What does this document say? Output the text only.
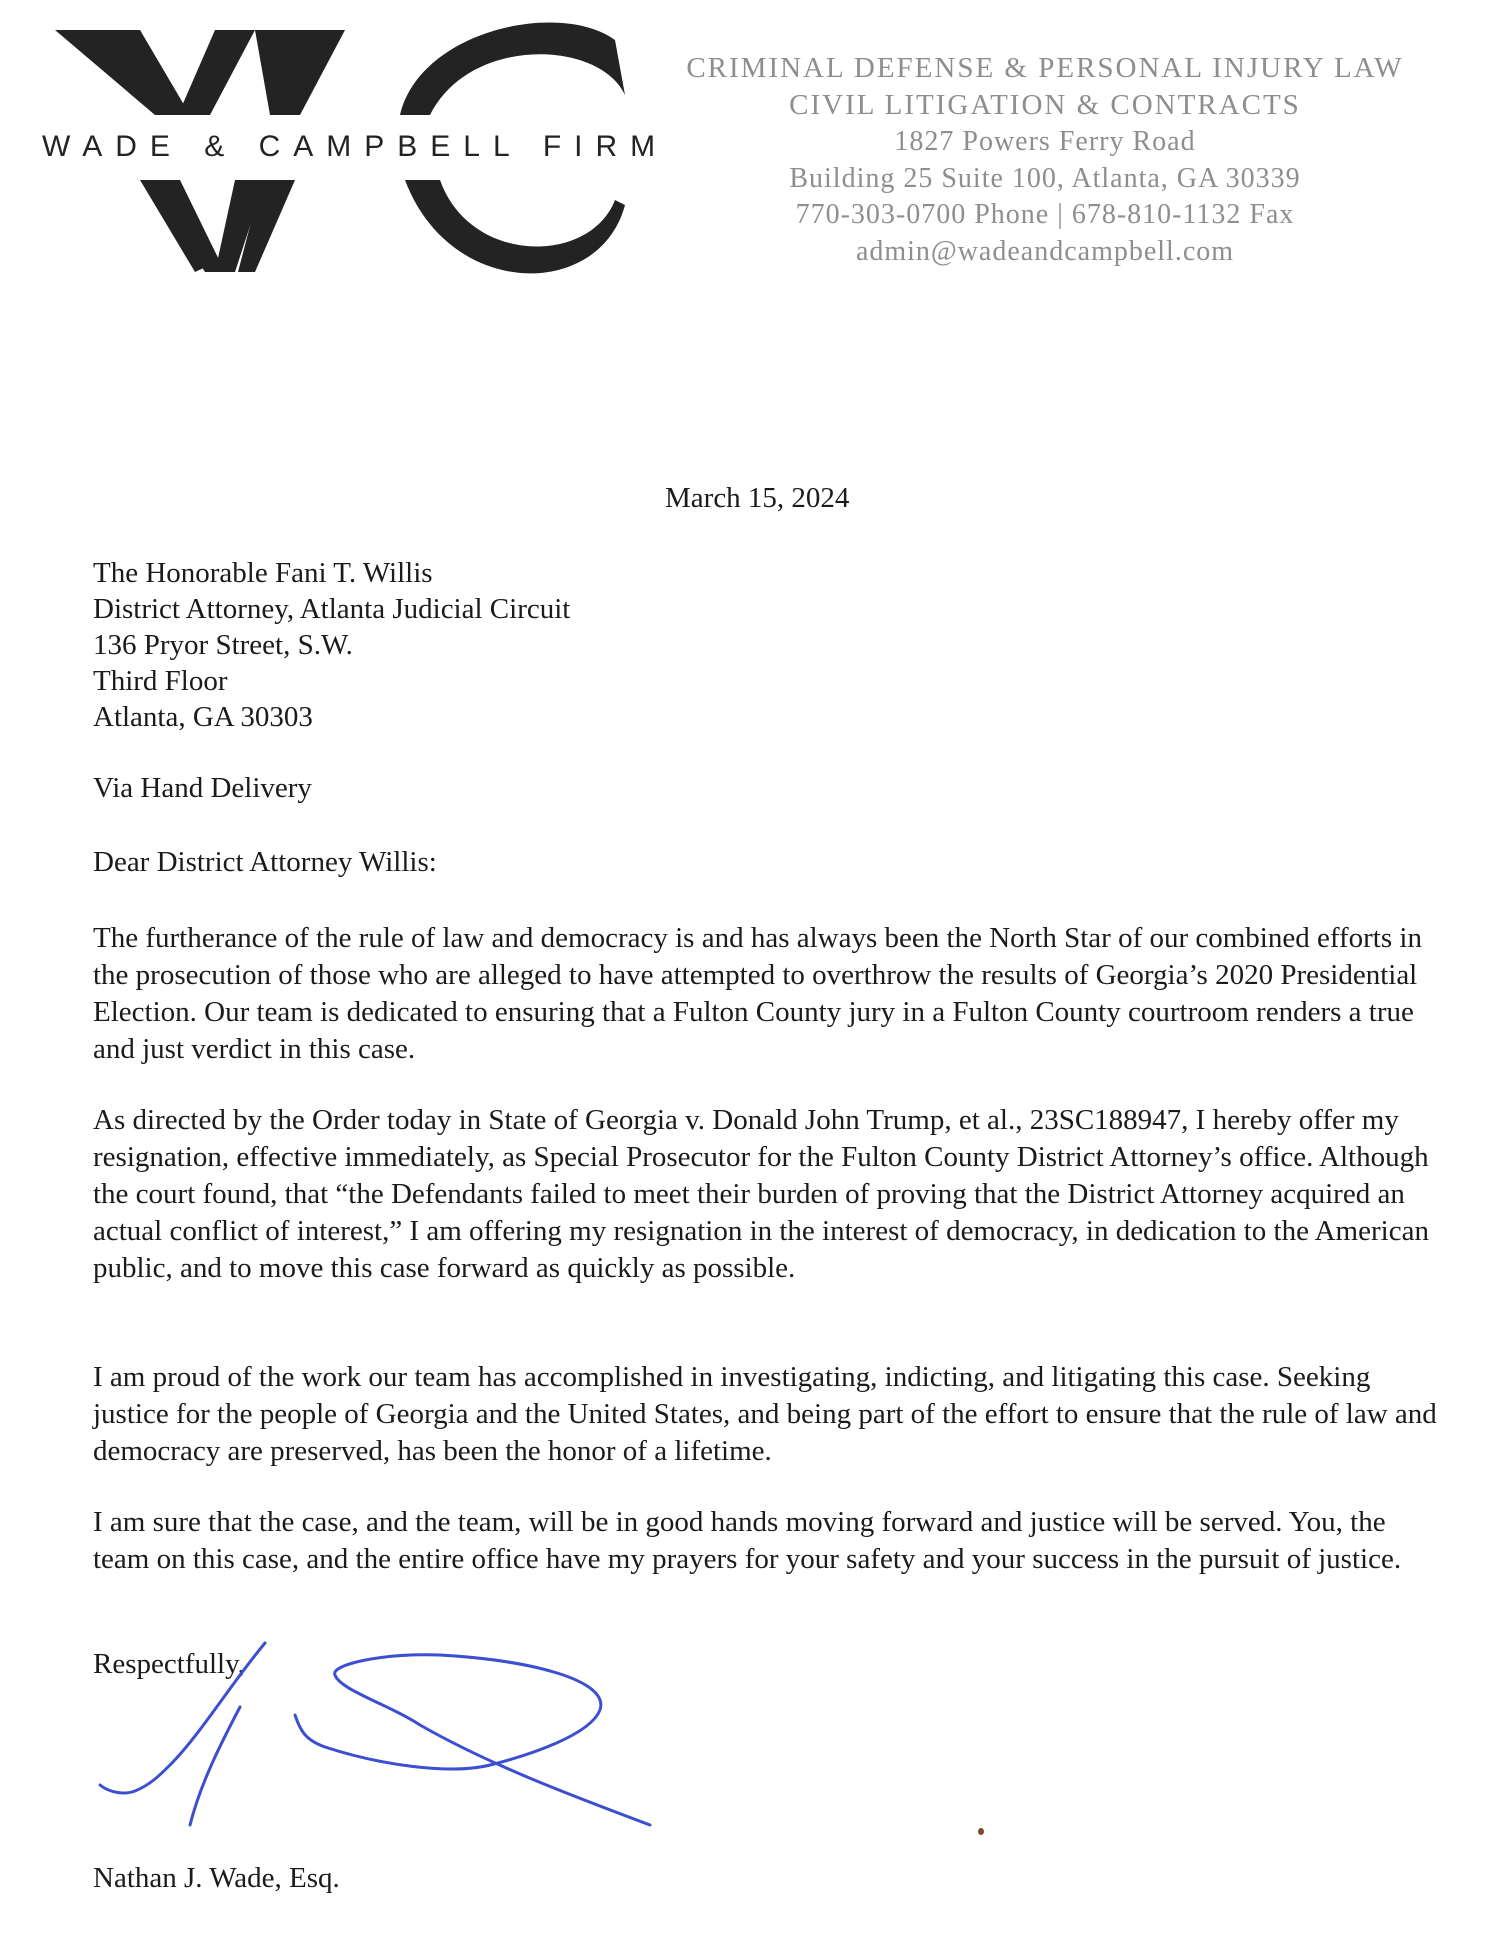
WADE & CAMPBELL FIRM
CRIMINAL DEFENSE & PERSONAL INJURY LAW
CIVIL LITIGATION & CONTRACTS
1827 Powers Ferry Road
Building 25 Suite 100, Atlanta, GA 30339
770-303-0700 Phone | 678-810-1132 Fax
admin@wadeandcampbell.com
March 15, 2024
The Honorable Fani T. Willis
District Attorney, Atlanta Judicial Circuit
136 Pryor Street, S.W.
Third Floor
Atlanta, GA 30303
Via Hand Delivery
Dear District Attorney Willis:
The furtherance of the rule of law and democracy is and has always been the North Star of our combined efforts in the prosecution of those who are alleged to have attempted to overthrow the results of Georgia’s 2020 Presidential Election. Our team is dedicated to ensuring that a Fulton County jury in a Fulton County courtroom renders a true and just verdict in this case.
As directed by the Order today in State of Georgia v. Donald John Trump, et al., 23SC188947, I hereby offer my resignation, effective immediately, as Special Prosecutor for the Fulton County District Attorney’s office. Although the court found, that “the Defendants failed to meet their burden of proving that the District Attorney acquired an actual conflict of interest,” I am offering my resignation in the interest of democracy, in dedication to the American public, and to move this case forward as quickly as possible.
I am proud of the work our team has accomplished in investigating, indicting, and litigating this case. Seeking justice for the people of Georgia and the United States, and being part of the effort to ensure that the rule of law and democracy are preserved, has been the honor of a lifetime.
I am sure that the case, and the team, will be in good hands moving forward and justice will be served. You, the team on this case, and the entire office have my prayers for your safety and your success in the pursuit of justice.
Respectfully,
Nathan J. Wade, Esq.
